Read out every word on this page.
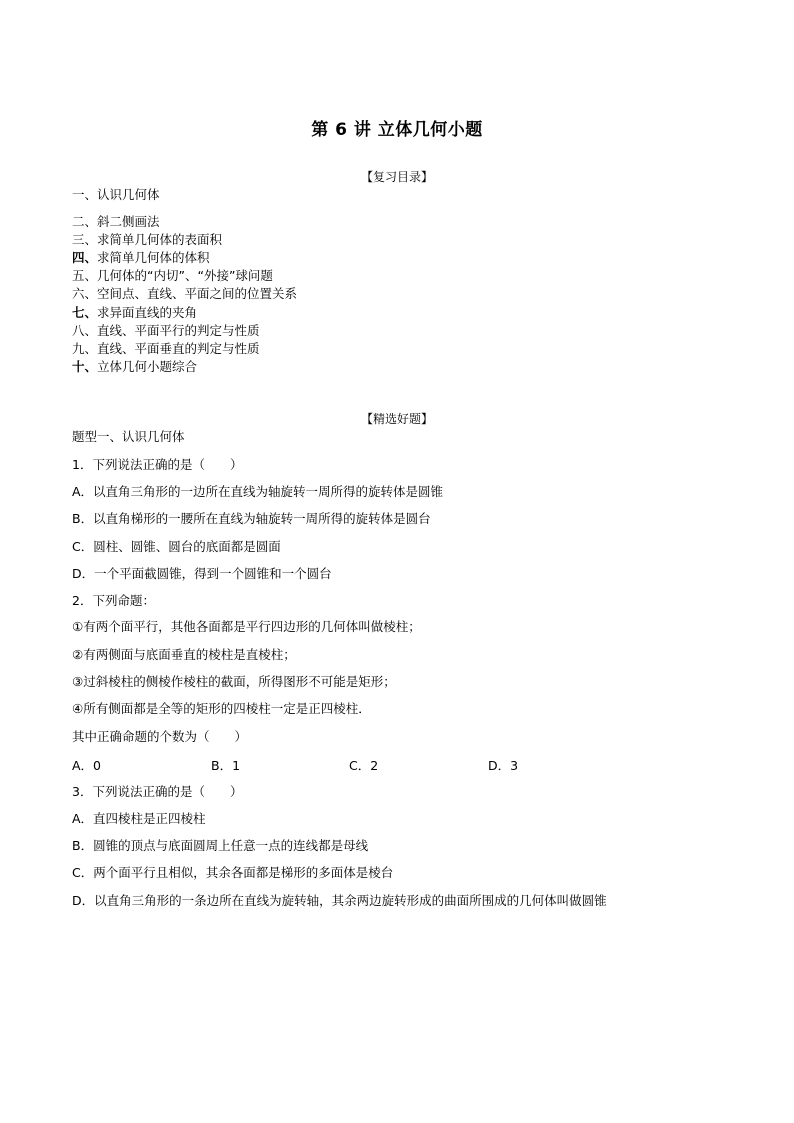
第 6 讲 立体几何小题
【复习目录】
一、认识几何体
二、斜二侧画法
三、求简单几何体的表面积
四、求简单几何体的体积
五、几何体的“内切”、“外接”球问题
六、空间点、直线、平面之间的位置关系
七、求异面直线的夹角
八、直线、平面平行的判定与性质
九、直线、平面垂直的判定与性质
十、立体几何小题综合
【精选好题】
题型一、认识几何体
1．下列说法正确的是（　　）
A．以直角三角形的一边所在直线为轴旋转一周所得的旋转体是圆锥
B．以直角梯形的一腰所在直线为轴旋转一周所得的旋转体是圆台
C．圆柱、圆锥、圆台的底面都是圆面
D．一个平面截圆锥，得到一个圆锥和一个圆台
2．下列命题：
①有两个面平行，其他各面都是平行四边形的几何体叫做棱柱；
②有两侧面与底面垂直的棱柱是直棱柱；
③过斜棱柱的侧棱作棱柱的截面，所得图形不可能是矩形；
④所有侧面都是全等的矩形的四棱柱一定是正四棱柱．
其中正确命题的个数为（　　）
A．0	B．1	C．2	D．3
3．下列说法正确的是（　　）
A．直四棱柱是正四棱柱
B．圆锥的顶点与底面圆周上任意一点的连线都是母线
C．两个面平行且相似，其余各面都是梯形的多面体是棱台
D．以直角三角形的一条边所在直线为旋转轴，其余两边旋转形成的曲面所围成的几何体叫做圆锥
